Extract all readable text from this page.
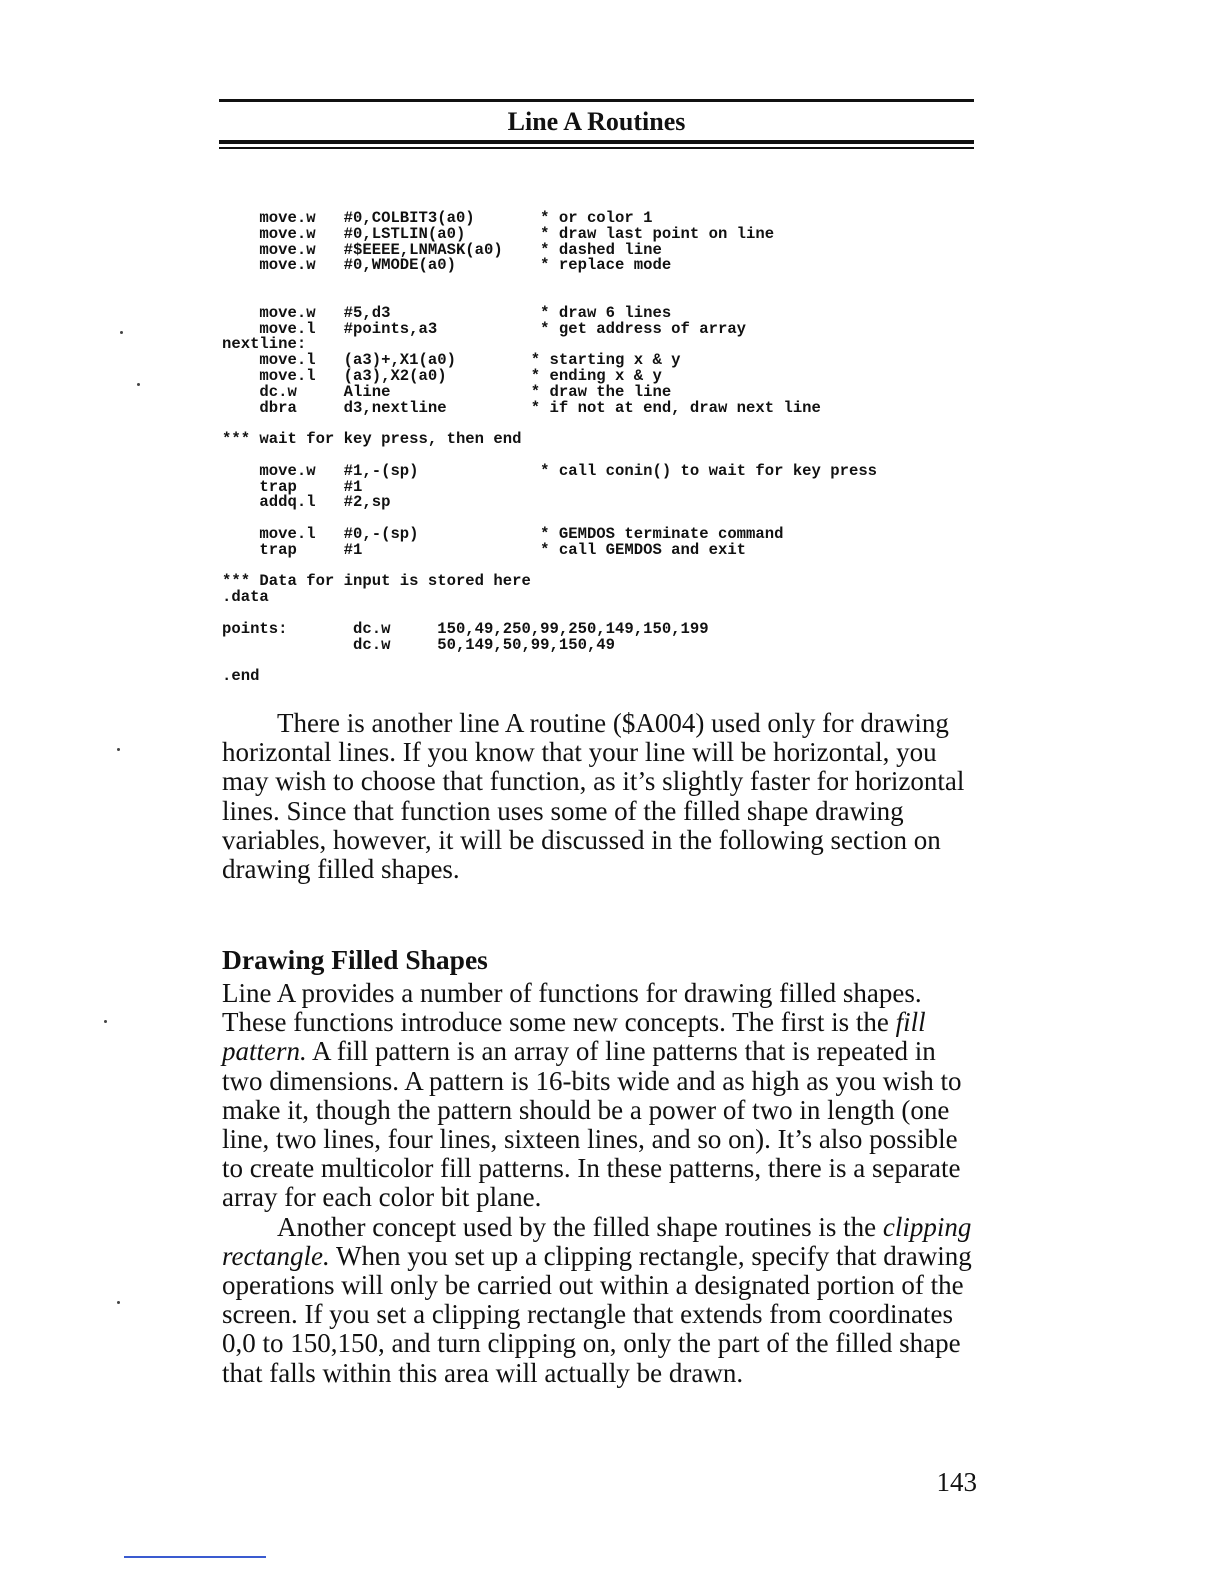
Line A Routines
move.w   #0,COLBIT3(a0)       * or color 1
move.w   #0,LSTLIN(a0)        * draw last point on line
move.w   #$EEEE,LNMASK(a0)    * dashed line
move.w   #0,WMODE(a0)         * replace mode

move.w   #5,d3                * draw 6 lines
move.l   #points,a3           * get address of array
nextline:
move.l   (a3)+,X1(a0)        * starting x & y
move.l   (a3),X2(a0)         * ending x & y
dc.w     Aline               * draw the line
dbra     d3,nextline         * if not at end, draw next line

*** wait for key press, then end

move.w   #1,-(sp)             * call conin() to wait for key press
trap     #1
addq.l   #2,sp

move.l   #0,-(sp)             * GEMDOS terminate command
trap     #1                   * call GEMDOS and exit

*** Data for input is stored here
.data

points:       dc.w     150,49,250,99,250,149,150,199
dc.w     50,149,50,99,150,49

.end

There is another line A routine ($A004) used only for drawing horizontal lines. If you know that your line will be horizontal, you may wish to choose that function, as it’s slightly faster for horizontal lines. Since that function uses some of the filled shape drawing variables, however, it will be discussed in the following section on drawing filled shapes.

Drawing Filled Shapes

Line A provides a number of functions for drawing filled shapes. These functions introduce some new concepts. The first is the fill pattern. A fill pattern is an array of line patterns that is repeated in two dimensions. A pattern is 16-bits wide and as high as you wish to make it, though the pattern should be a power of two in length (one line, two lines, four lines, sixteen lines, and so on). It’s also possible to create multicolor fill patterns. In these patterns, there is a separate array for each color bit plane.

Another concept used by the filled shape routines is the clipping rectangle. When you set up a clipping rectangle, specify that drawing operations will only be carried out within a designated portion of the screen. If you set a clipping rectangle that extends from coordinates 0,0 to 150,150, and turn clipping on, only the part of the filled shape that falls within this area will actually be drawn.

143
